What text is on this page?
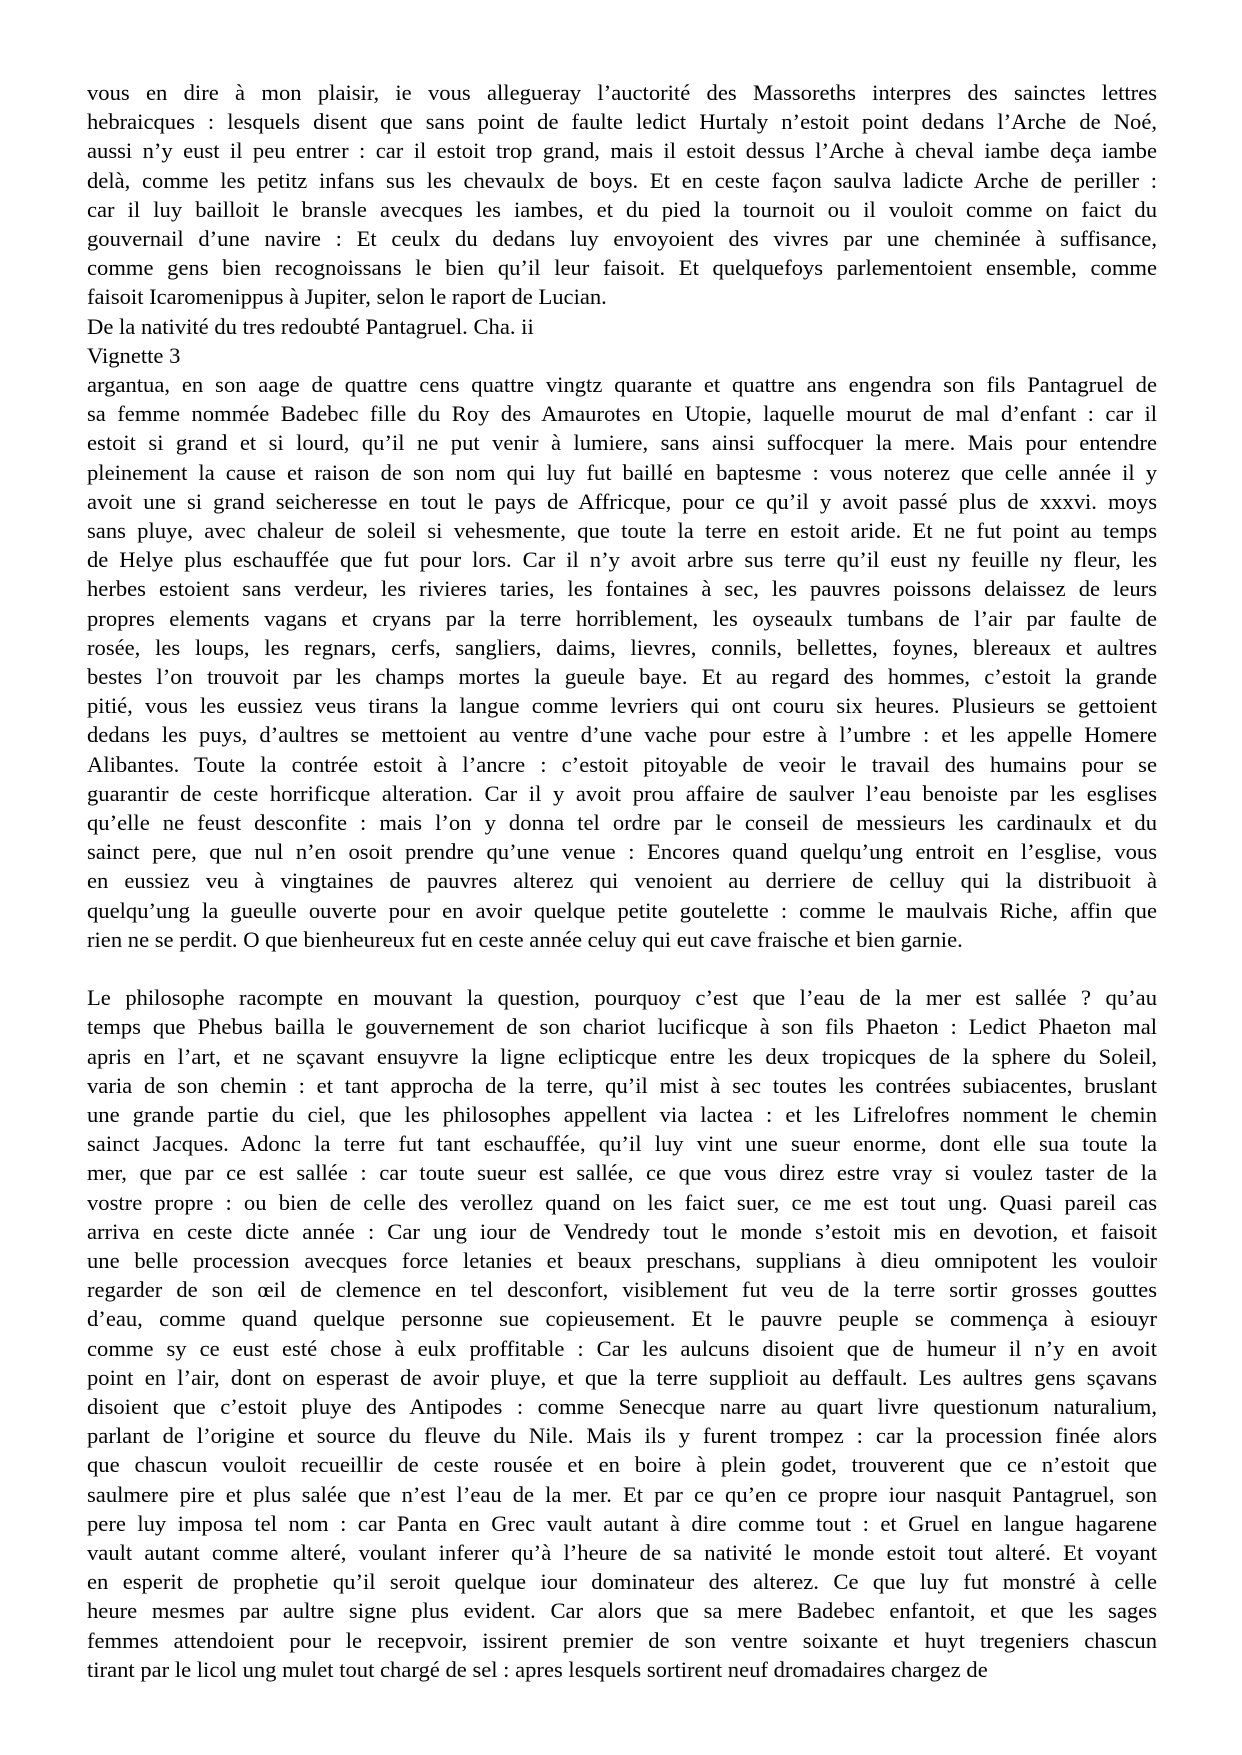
vous en dire à mon plaisir, ie vous allegueray l’auctorité des Massoreths interpres des sainctes lettres
hebraicques : lesquels disent que sans point de faulte ledict Hurtaly n’estoit point dedans l’Arche de Noé,
aussi n’y eust il peu entrer : car il estoit trop grand, mais il estoit dessus l’Arche à cheval iambe deça iambe
delà, comme les petitz infans sus les chevaulx de boys. Et en ceste façon saulva ladicte Arche de periller :
car il luy bailloit le bransle avecques les iambes, et du pied la tournoit ou il vouloit comme on faict du
gouvernail d’une navire : Et ceulx du dedans luy envoyoient des vivres par une cheminée à suffisance,
comme gens bien recognoissans le bien qu’il leur faisoit. Et quelquefoys parlementoient ensemble, comme
faisoit Icaromenippus à Jupiter, selon le raport de Lucian.
De la nativité du tres redoubté Pantagruel. Cha. ii
Vignette 3
argantua, en son aage de quattre cens quattre vingtz quarante et quattre ans engendra son fils Pantagruel de
sa femme nommée Badebec fille du Roy des Amaurotes en Utopie, laquelle mourut de mal d’enfant : car il
estoit si grand et si lourd, qu’il ne put venir à lumiere, sans ainsi suffocquer la mere. Mais pour entendre
pleinement la cause et raison de son nom qui luy fut baillé en baptesme : vous noterez que celle année il y
avoit une si grand seicheresse en tout le pays de Affricque, pour ce qu’il y avoit passé plus de xxxvi. moys
sans pluye, avec chaleur de soleil si vehesmente, que toute la terre en estoit aride. Et ne fut point au temps
de Helye plus eschauffée que fut pour lors. Car il n’y avoit arbre sus terre qu’il eust ny feuille ny fleur, les
herbes estoient sans verdeur, les rivieres taries, les fontaines à sec, les pauvres poissons delaissez de leurs
propres elements vagans et cryans par la terre horriblement, les oyseaulx tumbans de l’air par faulte de
rosée, les loups, les regnars, cerfs, sangliers, daims, lievres, connils, bellettes, foynes, blereaux et aultres
bestes l’on trouvoit par les champs mortes la gueule baye. Et au regard des hommes, c’estoit la grande
pitié, vous les eussiez veus tirans la langue comme levriers qui ont couru six heures. Plusieurs se gettoient
dedans les puys, d’aultres se mettoient au ventre d’une vache pour estre à l’umbre : et les appelle Homere
Alibantes. Toute la contrée estoit à l’ancre : c’estoit pitoyable de veoir le travail des humains pour se
guarantir de ceste horrificque alteration. Car il y avoit prou affaire de saulver l’eau benoiste par les esglises
qu’elle ne feust desconfite : mais l’on y donna tel ordre par le conseil de messieurs les cardinaulx et du
sainct pere, que nul n’en osoit prendre qu’une venue : Encores quand quelqu’ung entroit en l’esglise, vous
en eussiez veu à vingtaines de pauvres alterez qui venoient au derriere de celluy qui la distribuoit à
quelqu’ung la gueulle ouverte pour en avoir quelque petite goutelette : comme le maulvais Riche, affin que
rien ne se perdit. O que bienheureux fut en ceste année celuy qui eut cave fraische et bien garnie.
Le philosophe racompte en mouvant la question, pourquoy c’est que l’eau de la mer est sallée ? qu’au
temps que Phebus bailla le gouvernement de son chariot lucificque à son fils Phaeton : Ledict Phaeton mal
apris en l’art, et ne sçavant ensuyvre la ligne eclipticque entre les deux tropicques de la sphere du Soleil,
varia de son chemin : et tant approcha de la terre, qu’il mist à sec toutes les contrées subiacentes, bruslant
une grande partie du ciel, que les philosophes appellent via lactea : et les Lifrelofres nomment le chemin
sainct Jacques. Adonc la terre fut tant eschauffée, qu’il luy vint une sueur enorme, dont elle sua toute la
mer, que par ce est sallée : car toute sueur est sallée, ce que vous direz estre vray si voulez taster de la
vostre propre : ou bien de celle des verollez quand on les faict suer, ce me est tout ung. Quasi pareil cas
arriva en ceste dicte année : Car ung iour de Vendredy tout le monde s’estoit mis en devotion, et faisoit
une belle procession avecques force letanies et beaux preschans, supplians à dieu omnipotent les vouloir
regarder de son œil de clemence en tel desconfort, visiblement fut veu de la terre sortir grosses gouttes
d’eau, comme quand quelque personne sue copieusement. Et le pauvre peuple se commença à esiouyr
comme sy ce eust esté chose à eulx proffitable : Car les aulcuns disoient que de humeur il n’y en avoit
point en l’air, dont on esperast de avoir pluye, et que la terre supplioit au deffault. Les aultres gens sçavans
disoient que c’estoit pluye des Antipodes : comme Senecque narre au quart livre questionum naturalium,
parlant de l’origine et source du fleuve du Nile. Mais ils y furent trompez : car la procession finée alors
que chascun vouloit recueillir de ceste rousée et en boire à plein godet, trouverent que ce n’estoit que
saulmere pire et plus salée que n’est l’eau de la mer. Et par ce qu’en ce propre iour nasquit Pantagruel, son
pere luy imposa tel nom : car Panta en Grec vault autant à dire comme tout : et Gruel en langue hagarene
vault autant comme alteré, voulant inferer qu’à l’heure de sa nativité le monde estoit tout alteré. Et voyant
en esperit de prophetie qu’il seroit quelque iour dominateur des alterez. Ce que luy fut monstré à celle
heure mesmes par aultre signe plus evident. Car alors que sa mere Badebec enfantoit, et que les sages
femmes attendoient pour le recepvoir, issirent premier de son ventre soixante et huyt tregeniers chascun
tirant par le licol ung mulet tout chargé de sel : apres lesquels sortirent neuf dromadaires chargez de
